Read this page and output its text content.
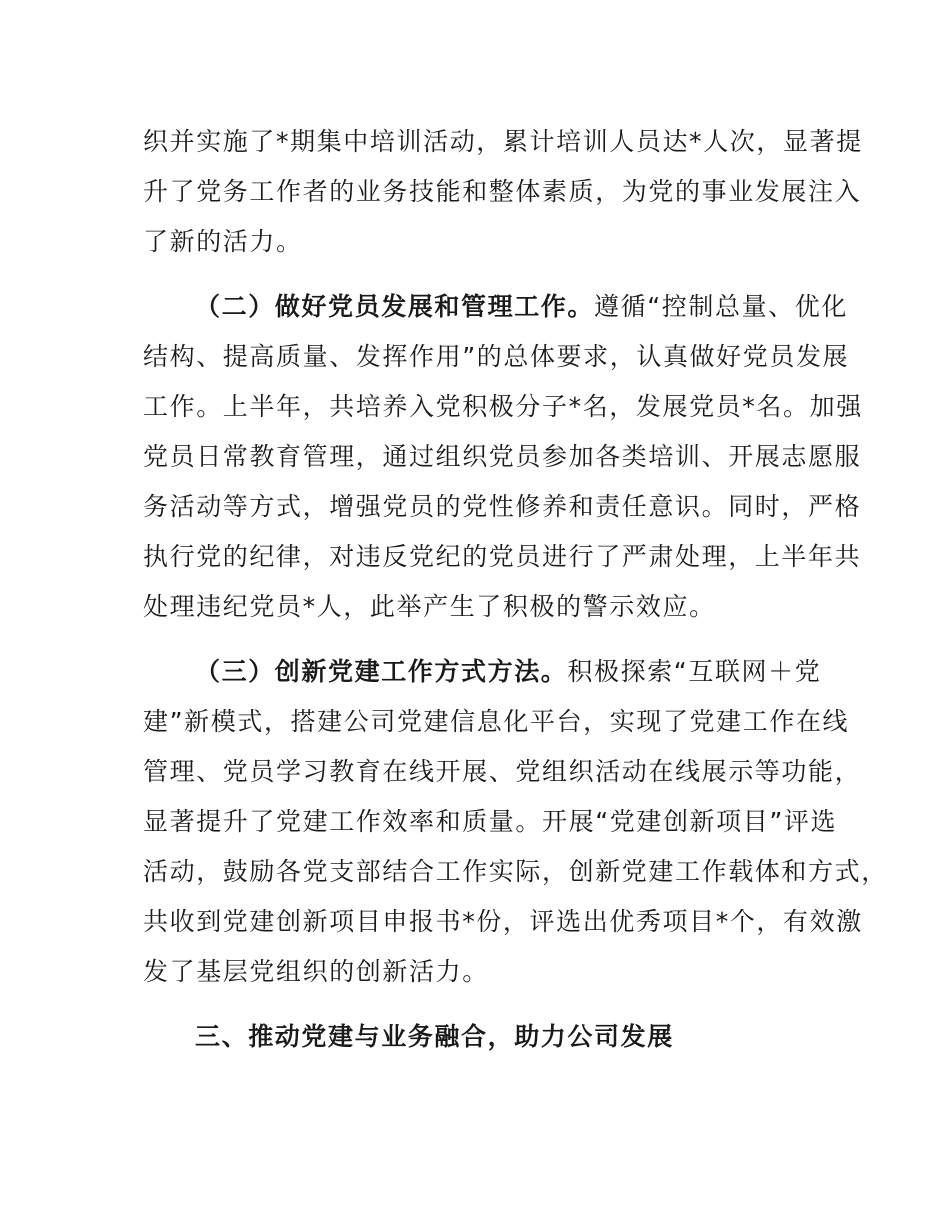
织并实施了*期集中培训活动，累计培训人员达*人次，显著提
升了党务工作者的业务技能和整体素质，为党的事业发展注入
了新的活力。
（二）做好党员发展和管理工作。遵循“控制总量、优化
结构、提高质量、发挥作用”的总体要求，认真做好党员发展
工作。上半年，共培养入党积极分子*名，发展党员*名。加强
党员日常教育管理，通过组织党员参加各类培训、开展志愿服
务活动等方式，增强党员的党性修养和责任意识。同时，严格
执行党的纪律，对违反党纪的党员进行了严肃处理，上半年共
处理违纪党员*人，此举产生了积极的警示效应。
（三）创新党建工作方式方法。积极探索“互联网＋党
建”新模式，搭建公司党建信息化平台，实现了党建工作在线
管理、党员学习教育在线开展、党组织活动在线展示等功能，
显著提升了党建工作效率和质量。开展“党建创新项目”评选
活动，鼓励各党支部结合工作实际，创新党建工作载体和方式，
共收到党建创新项目申报书*份，评选出优秀项目*个，有效激
发了基层党组织的创新活力。
三、推动党建与业务融合，助力公司发展
